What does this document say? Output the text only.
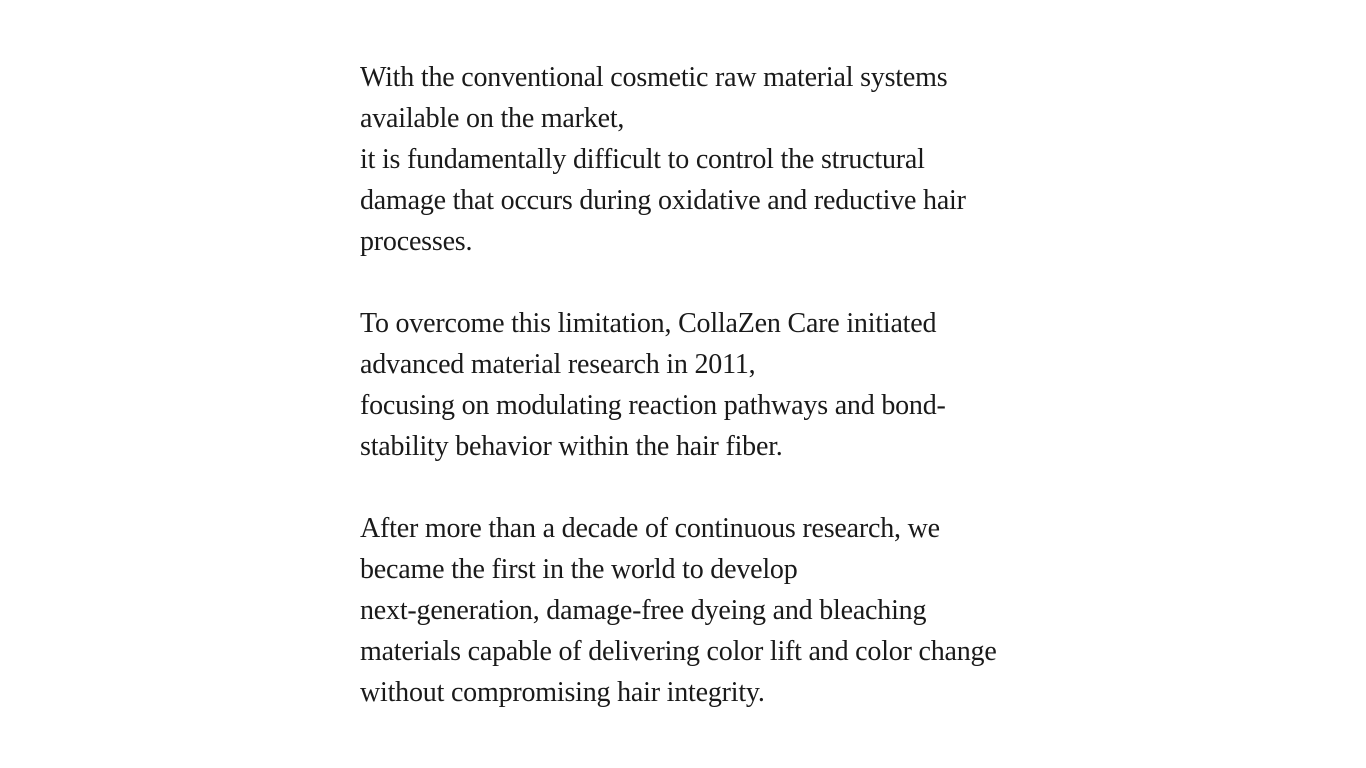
With the conventional cosmetic raw material systems available on the market,
it is fundamentally difficult to control the structural damage that occurs during oxidative and reductive hair processes.

To overcome this limitation, CollaZen Care initiated advanced material research in 2011,
focusing on modulating reaction pathways and bond-stability behavior within the hair fiber.

After more than a decade of continuous research, we became the first in the world to develop
next-generation, damage-free dyeing and bleaching materials capable of delivering color lift and color change without compromising hair integrity.
